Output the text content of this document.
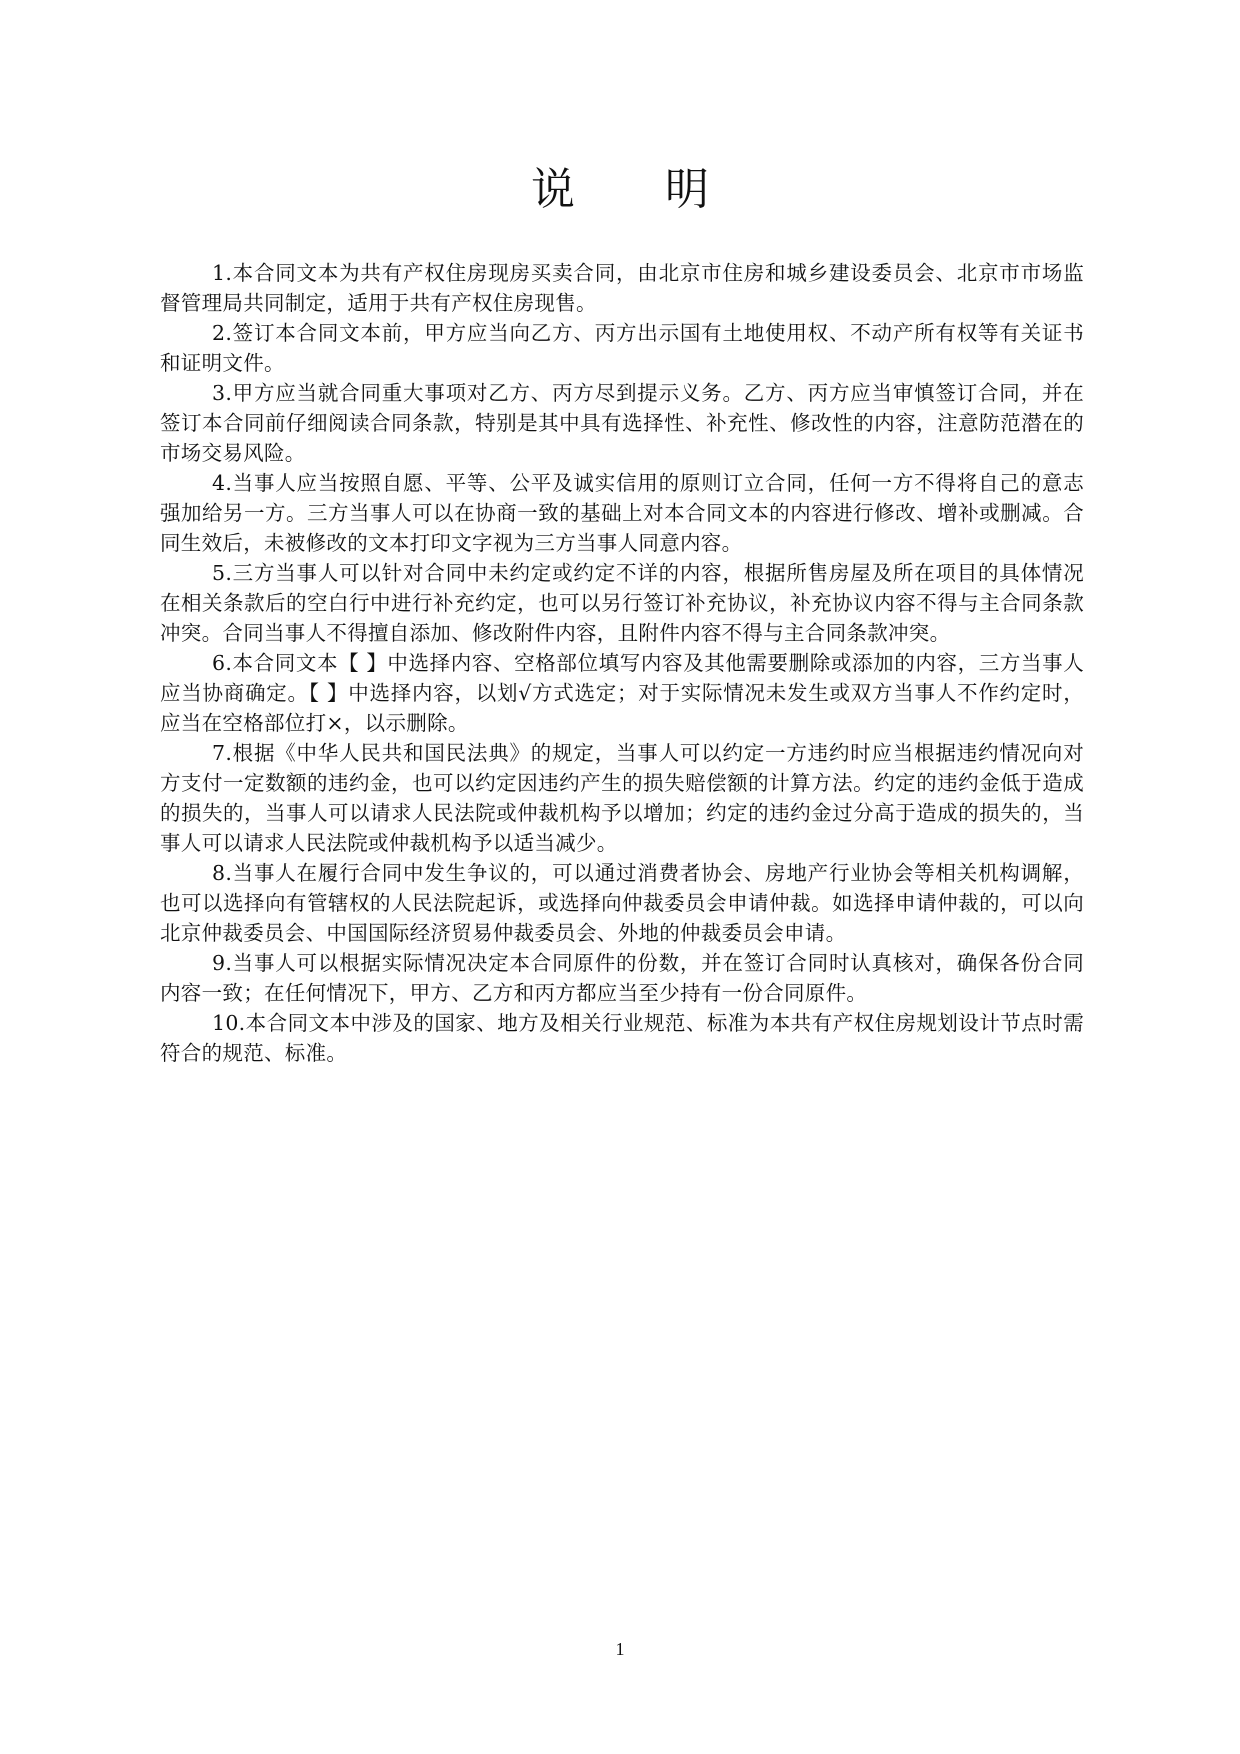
说 明

1.本合同文本为共有产权住房现房买卖合同，由北京市住房和城乡建设委员会、北京市市场监督管理局共同制定，适用于共有产权住房现售。

2.签订本合同文本前，甲方应当向乙方、丙方出示国有土地使用权、不动产所有权等有关证书和证明文件。

3.甲方应当就合同重大事项对乙方、丙方尽到提示义务。乙方、丙方应当审慎签订合同，并在签订本合同前仔细阅读合同条款，特别是其中具有选择性、补充性、修改性的内容，注意防范潜在的市场交易风险。

4.当事人应当按照自愿、平等、公平及诚实信用的原则订立合同，任何一方不得将自己的意志强加给另一方。三方当事人可以在协商一致的基础上对本合同文本的内容进行修改、增补或删减。合同生效后，未被修改的文本打印文字视为三方当事人同意内容。

5.三方当事人可以针对合同中未约定或约定不详的内容，根据所售房屋及所在项目的具体情况在相关条款后的空白行中进行补充约定，也可以另行签订补充协议，补充协议内容不得与主合同条款冲突。合同当事人不得擅自添加、修改附件内容，且附件内容不得与主合同条款冲突。

6.本合同文本【 】中选择内容、空格部位填写内容及其他需要删除或添加的内容，三方当事人应当协商确定。【 】中选择内容，以划√方式选定；对于实际情况未发生或双方当事人不作约定时，应当在空格部位打×，以示删除。

7.根据《中华人民共和国民法典》的规定，当事人可以约定一方违约时应当根据违约情况向对方支付一定数额的违约金，也可以约定因违约产生的损失赔偿额的计算方法。约定的违约金低于造成的损失的，当事人可以请求人民法院或仲裁机构予以增加；约定的违约金过分高于造成的损失的，当事人可以请求人民法院或仲裁机构予以适当减少。

8.当事人在履行合同中发生争议的，可以通过消费者协会、房地产行业协会等相关机构调解，也可以选择向有管辖权的人民法院起诉，或选择向仲裁委员会申请仲裁。如选择申请仲裁的，可以向北京仲裁委员会、中国国际经济贸易仲裁委员会、外地的仲裁委员会申请。

9.当事人可以根据实际情况决定本合同原件的份数，并在签订合同时认真核对，确保各份合同内容一致；在任何情况下，甲方、乙方和丙方都应当至少持有一份合同原件。

10.本合同文本中涉及的国家、地方及相关行业规范、标准为本共有产权住房规划设计节点时需符合的规范、标准。

1
